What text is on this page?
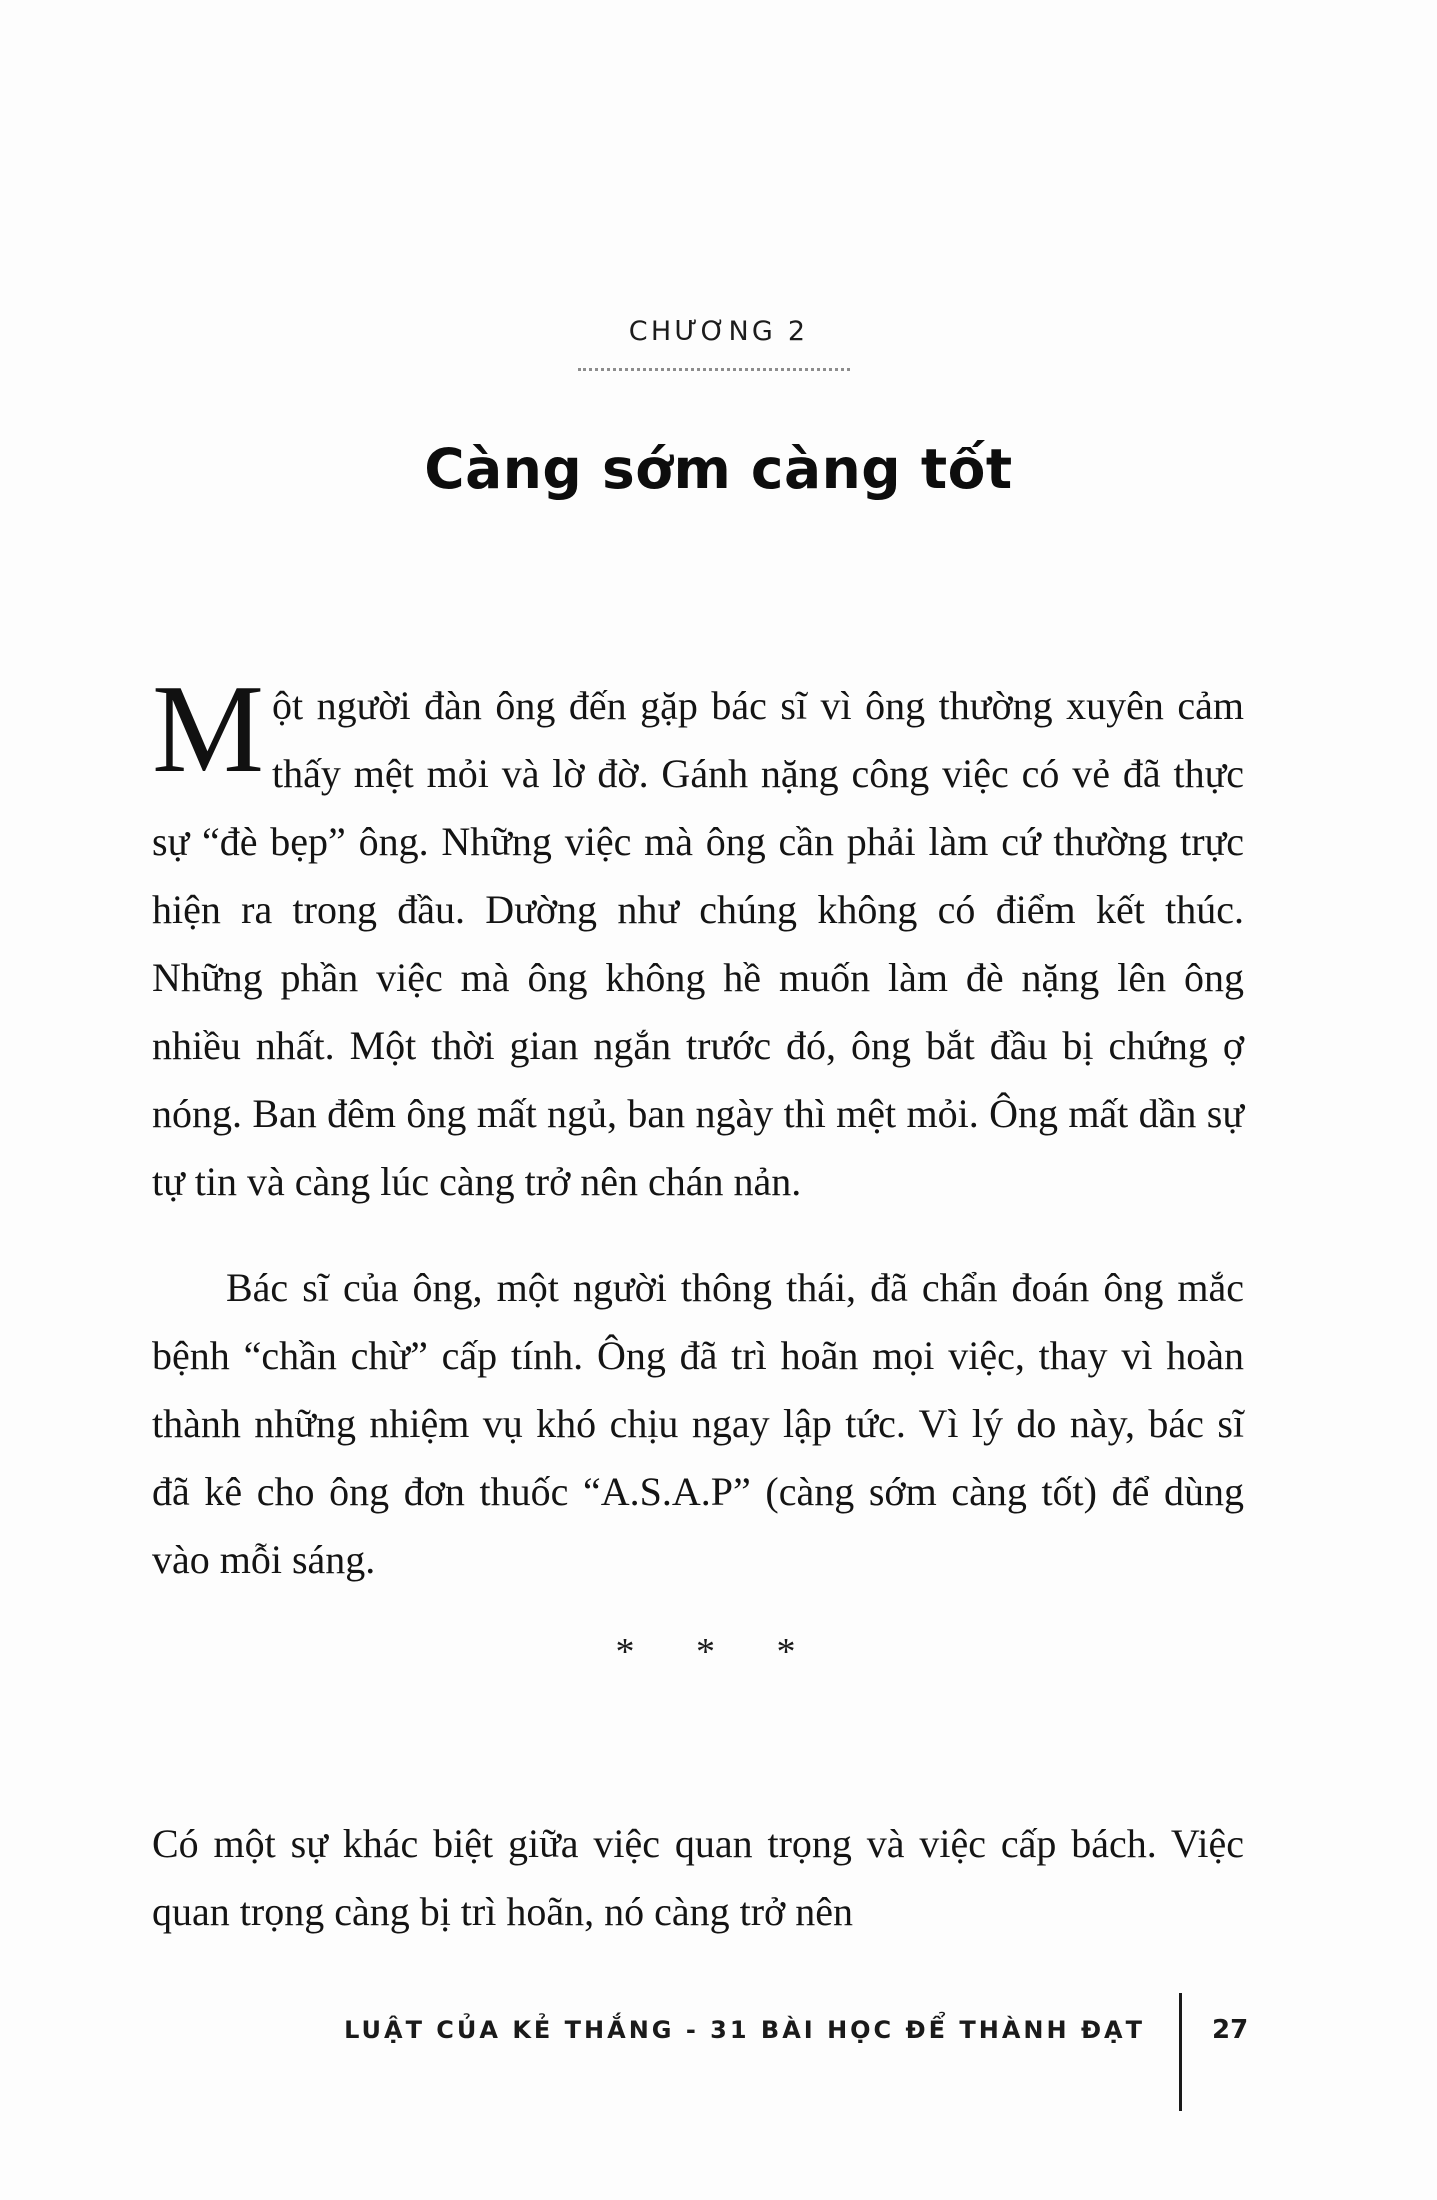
CHƯƠNG 2
Càng sớm càng tốt
M ột người đàn ông đến gặp bác sĩ vì ông thường xuyên cảm thấy mệt mỏi và lờ đờ. Gánh nặng công việc có vẻ đã thực sự “đè bẹp” ông. Những việc mà ông cần phải làm cứ thường trực hiện ra trong đầu. Dường như chúng không có điểm kết thúc. Những phần việc mà ông không hề muốn làm đè nặng lên ông nhiều nhất. Một thời gian ngắn trước đó, ông bắt đầu bị chứng ợ nóng. Ban đêm ông mất ngủ, ban ngày thì mệt mỏi. Ông mất dần sự tự tin và càng lúc càng trở nên chán nản.
Bác sĩ của ông, một người thông thái, đã chẩn đoán ông mắc bệnh “chần chừ” cấp tính. Ông đã trì hoãn mọi việc, thay vì hoàn thành những nhiệm vụ khó chịu ngay lập tức. Vì lý do này, bác sĩ đã kê cho ông đơn thuốc “A.S.A.P” (càng sớm càng tốt) để dùng vào mỗi sáng.
* * *
Có một sự khác biệt giữa việc quan trọng và việc cấp bách. Việc quan trọng càng bị trì hoãn, nó càng trở nên
LUẬT CỦA KẺ THẮNG - 31 BÀI HỌC ĐỂ THÀNH ĐẠT	27
